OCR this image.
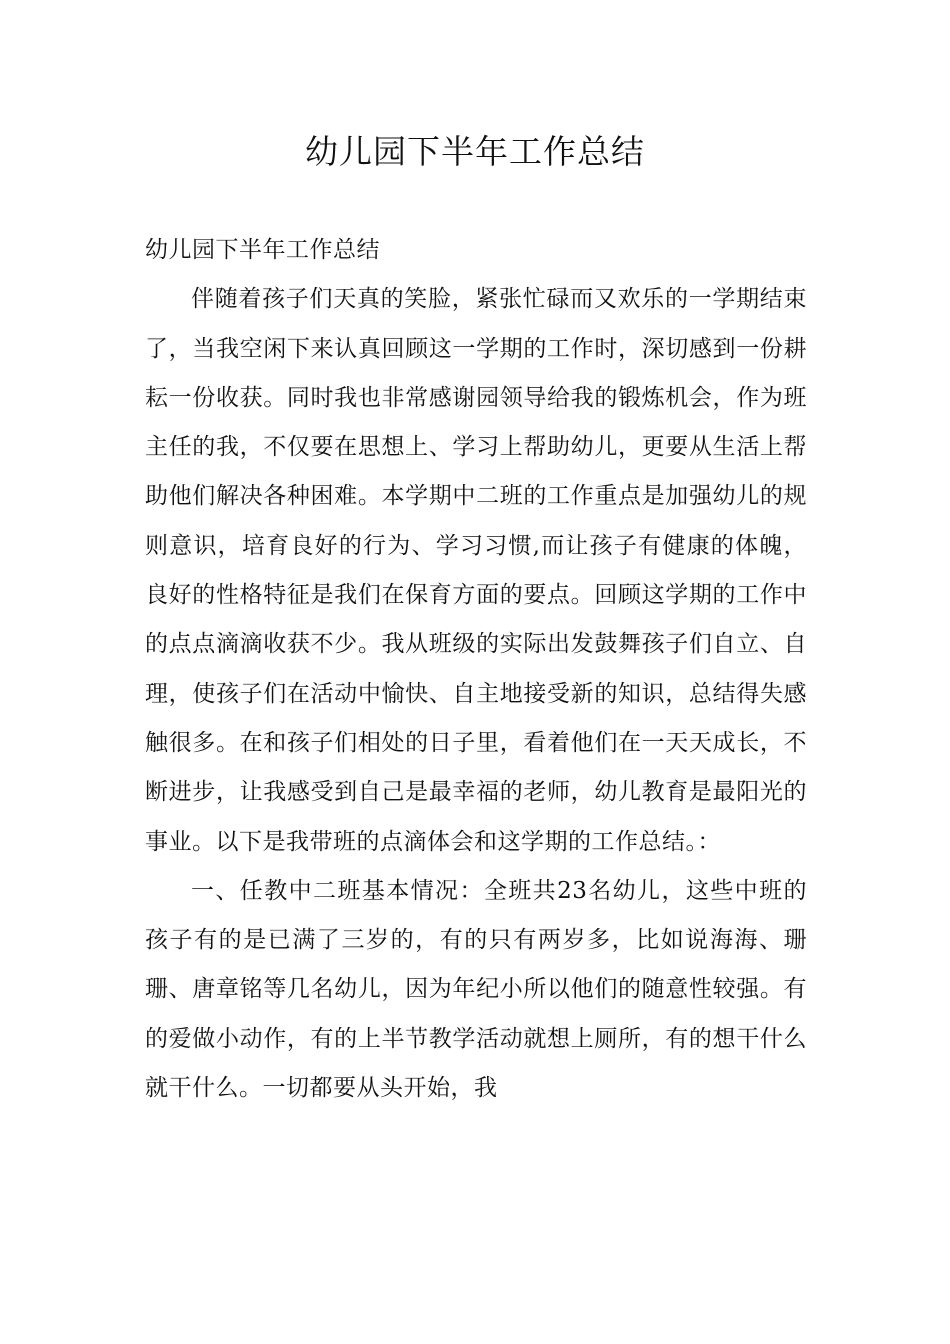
幼儿园下半年工作总结

幼儿园下半年工作总结

伴随着孩子们天真的笑脸，紧张忙碌而又欢乐的一学期结束了，当我空闲下来认真回顾这一学期的工作时，深切感到一份耕耘一份收获。同时我也非常感谢园领导给我的锻炼机会，作为班主任的我，不仅要在思想上、学习上帮助幼儿，更要从生活上帮助他们解决各种困难。本学期中二班的工作重点是加强幼儿的规则意识，培育良好的行为、学习习惯,而让孩子有健康的体魄，良好的性格特征是我们在保育方面的要点。回顾这学期的工作中的点点滴滴收获不少。我从班级的实际出发鼓舞孩子们自立、自理，使孩子们在活动中愉快、自主地接受新的知识，总结得失感触很多。在和孩子们相处的日子里，看着他们在一天天成长，不断进步，让我感受到自己是最幸福的老师，幼儿教育是最阳光的事业。以下是我带班的点滴体会和这学期的工作总结。：

一、任教中二班基本情况：全班共23名幼儿，这些中班的孩子有的是已满了三岁的，有的只有两岁多，比如说海海、珊珊、唐章铭等几名幼儿，因为年纪小所以他们的随意性较强。有的爱做小动作，有的上半节教学活动就想上厕所，有的想干什么就干什么。一切都要从头开始，我
